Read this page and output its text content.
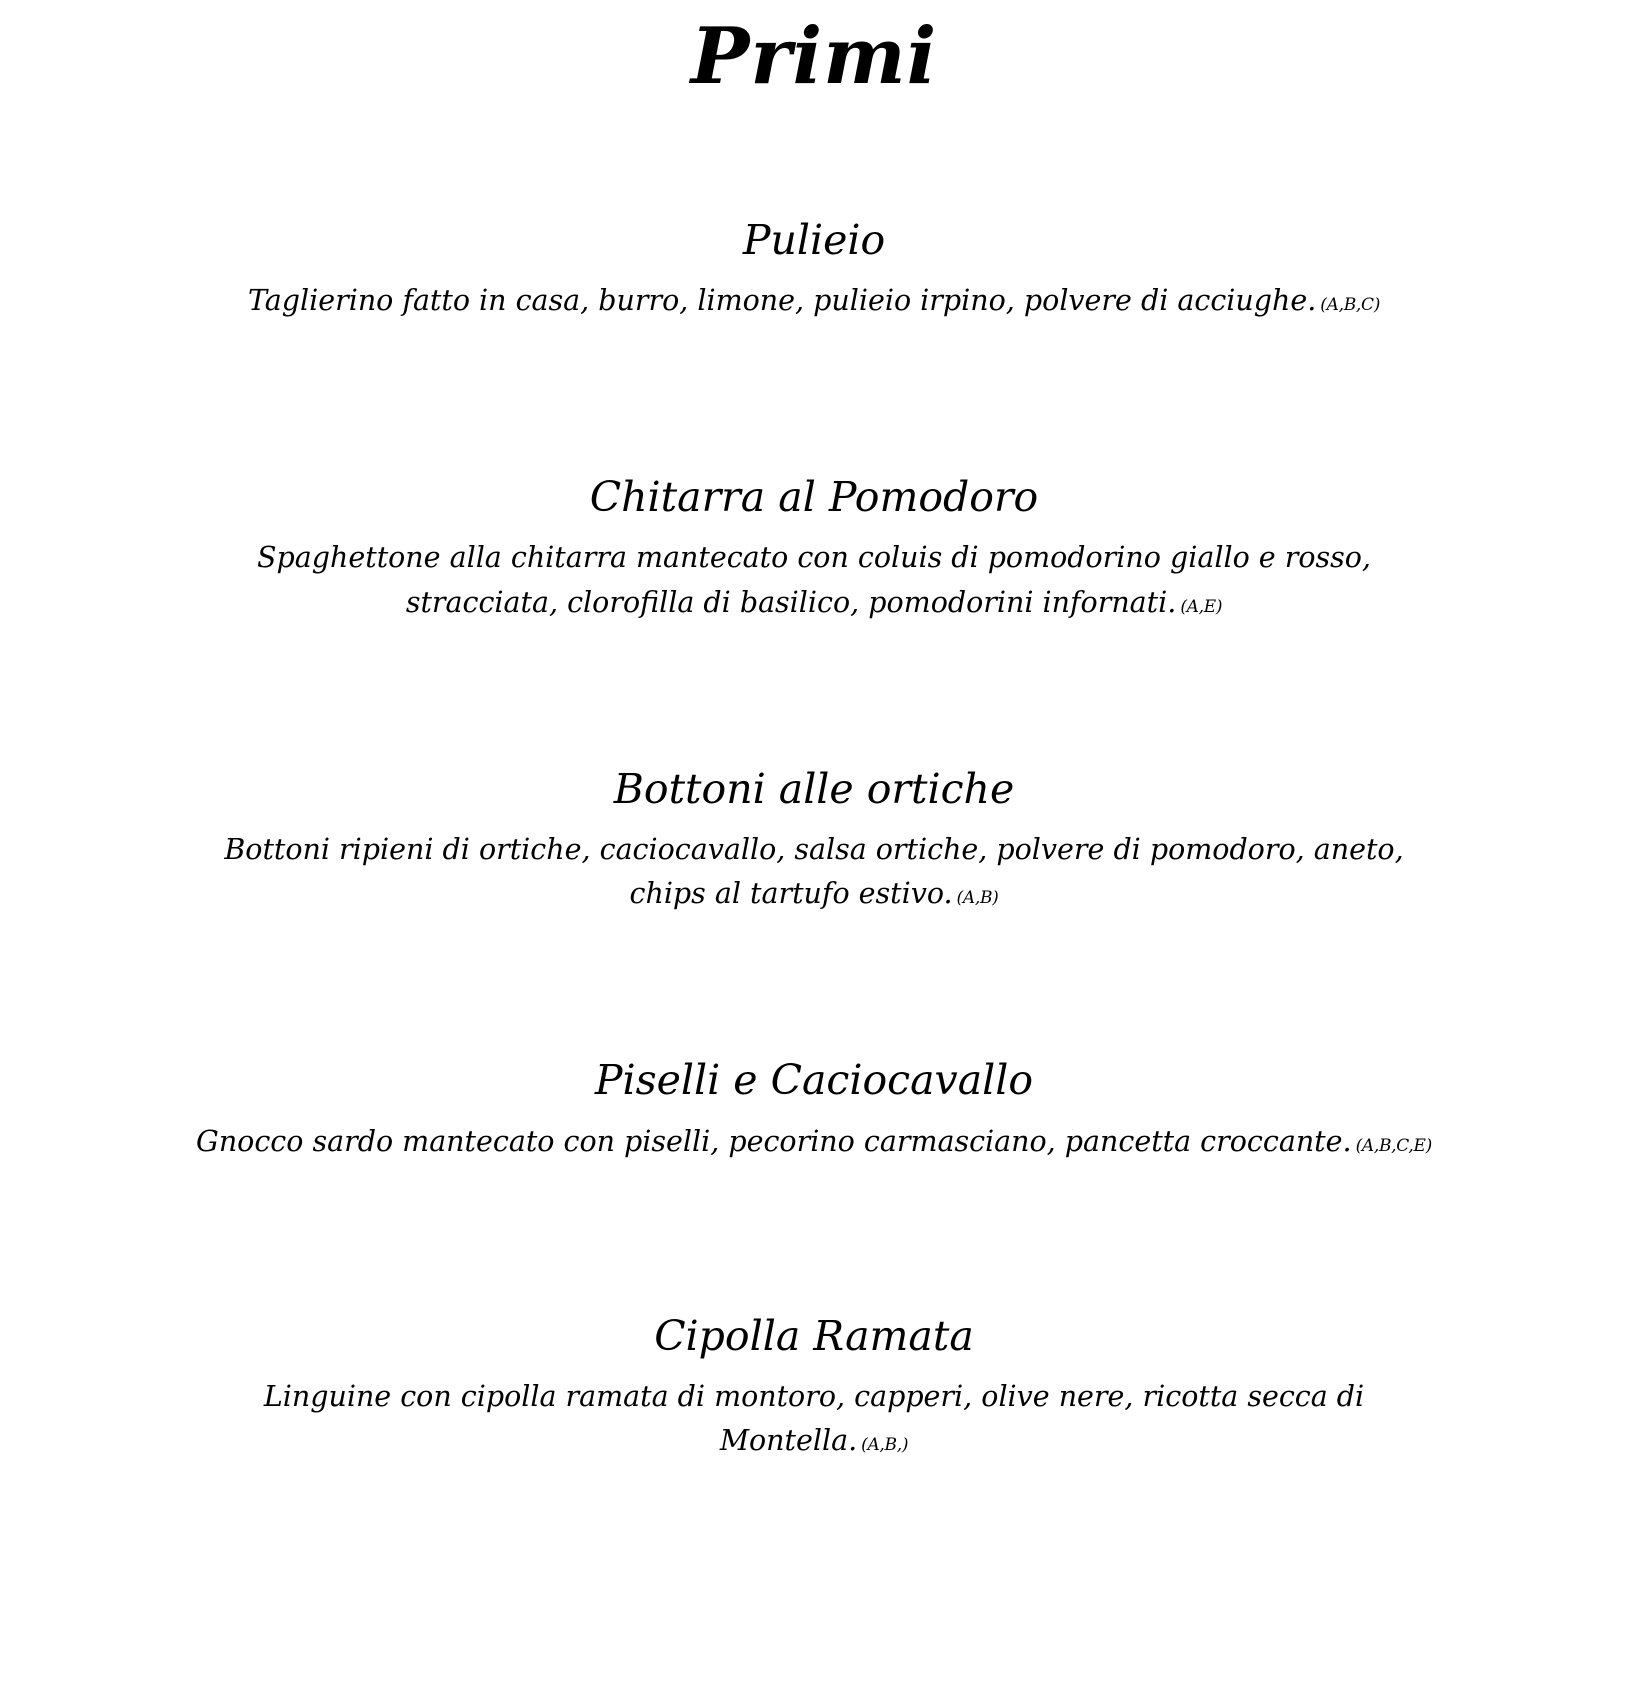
Primi
Pulieio

Taglierino fatto in casa, burro, limone, pulieio irpino, polvere di acciughe. (A,B,C)

Chitarra al Pomodoro

Spaghettone alla chitarra mantecato con coluis di pomodorino giallo e rosso, stracciata, clorofilla di basilico, pomodorini infornati. (A,E)

Bottoni alle ortiche

Bottoni ripieni di ortiche, caciocavallo, salsa ortiche, polvere di pomodoro, aneto, chips al tartufo estivo. (A,B)

Piselli e Caciocavallo

Gnocco sardo mantecato con piselli, pecorino carmasciano, pancetta croccante. (A,B,C,E)

Cipolla Ramata

Linguine con cipolla ramata di montoro, capperi, olive nere, ricotta secca di Montella. (A,B,)
